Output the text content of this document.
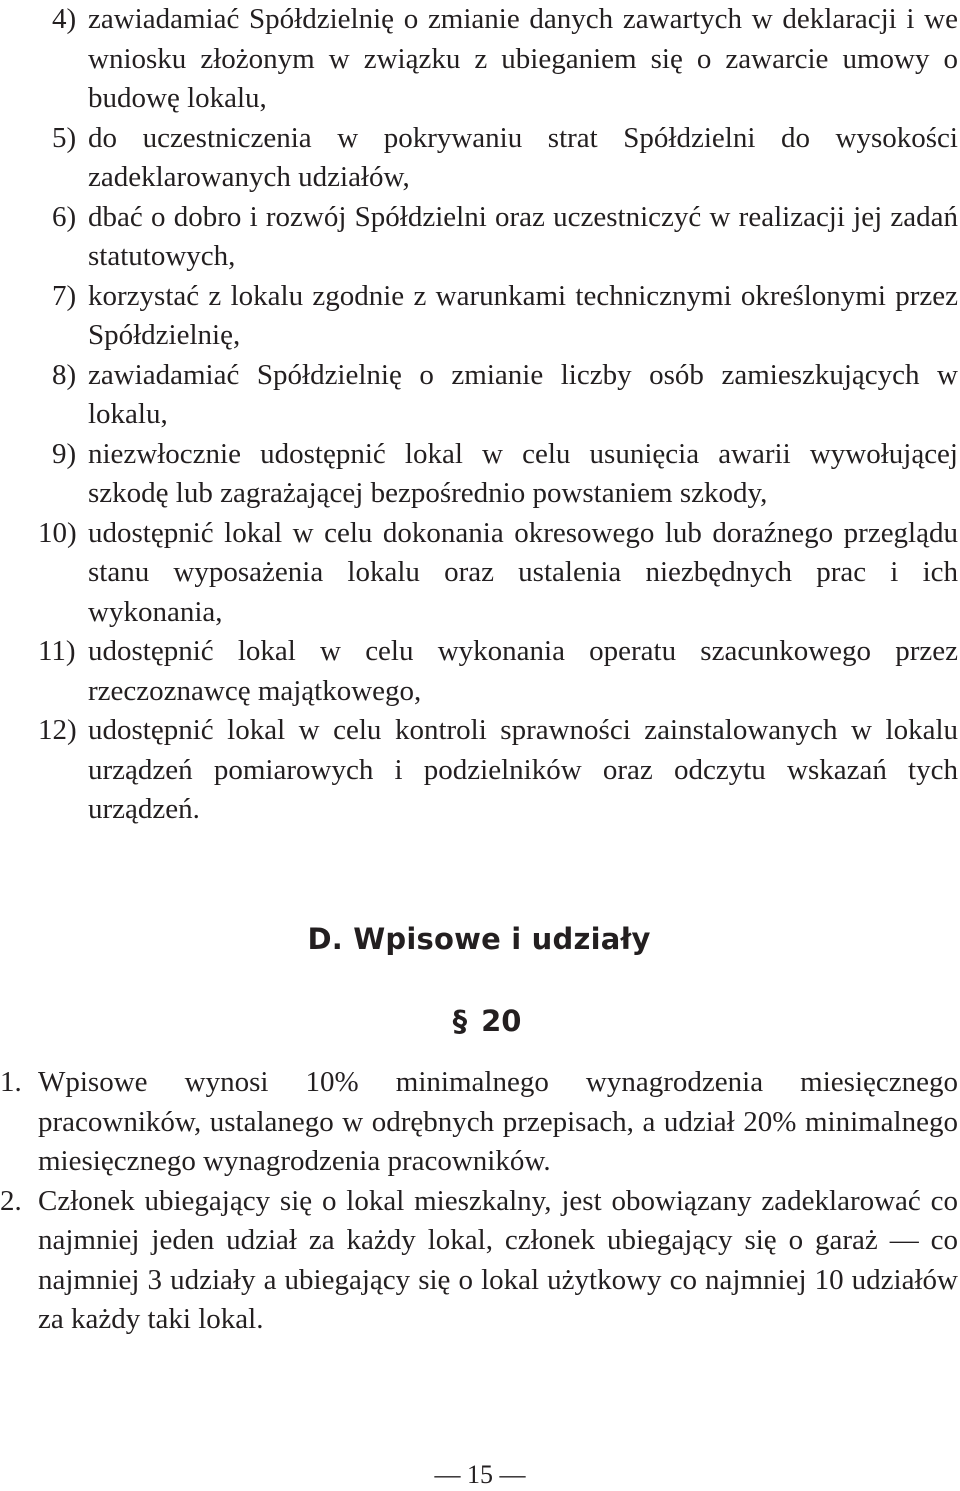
4) zawiadamiać Spółdzielnię o zmianie danych zawartych w deklaracji i we wniosku złożonym w związku z ubieganiem się o zawarcie umowy o budowę lokalu,
5) do uczestniczenia w pokrywaniu strat Spółdzielni do wysokości zadeklarowanych udziałów,
6) dbać o dobro i rozwój Spółdzielni oraz uczestniczyć w realizacji jej zadań statutowych,
7) korzystać z lokalu zgodnie z warunkami technicznymi określonymi przez Spółdzielnię,
8) zawiadamiać Spółdzielnię o zmianie liczby osób zamieszkujących w lokalu,
9) niezwłocznie udostępnić lokal w celu usunięcia awarii wywołującej szkodę lub zagrażającej bezpośrednio powstaniem szkody,
10) udostępnić lokal w celu dokonania okresowego lub doraźnego przeglądu stanu wyposażenia lokalu oraz ustalenia niezbędnych prac i ich wykonania,
11) udostępnić lokal w celu wykonania operatu szacunkowego przez rzeczoznawcę majątkowego,
12) udostępnić lokal w celu kontroli sprawności zainstalowanych w lokalu urządzeń pomiarowych i podzielników oraz odczytu wskazań tych urządzeń.
D. Wpisowe i udziały
§ 20
1. Wpisowe wynosi 10% minimalnego wynagrodzenia miesięcznego pracowników, ustalanego w odrębnych przepisach, a udział 20% minimalnego miesięcznego wynagrodzenia pracowników.
2. Członek ubiegający się o lokal mieszkalny, jest obowiązany zadeklarować co najmniej jeden udział za każdy lokal, członek ubiegający się o garaż — co najmniej 3 udziały a ubiegający się o lokal użytkowy co najmniej 10 udziałów za każdy taki lokal.
— 15 —
